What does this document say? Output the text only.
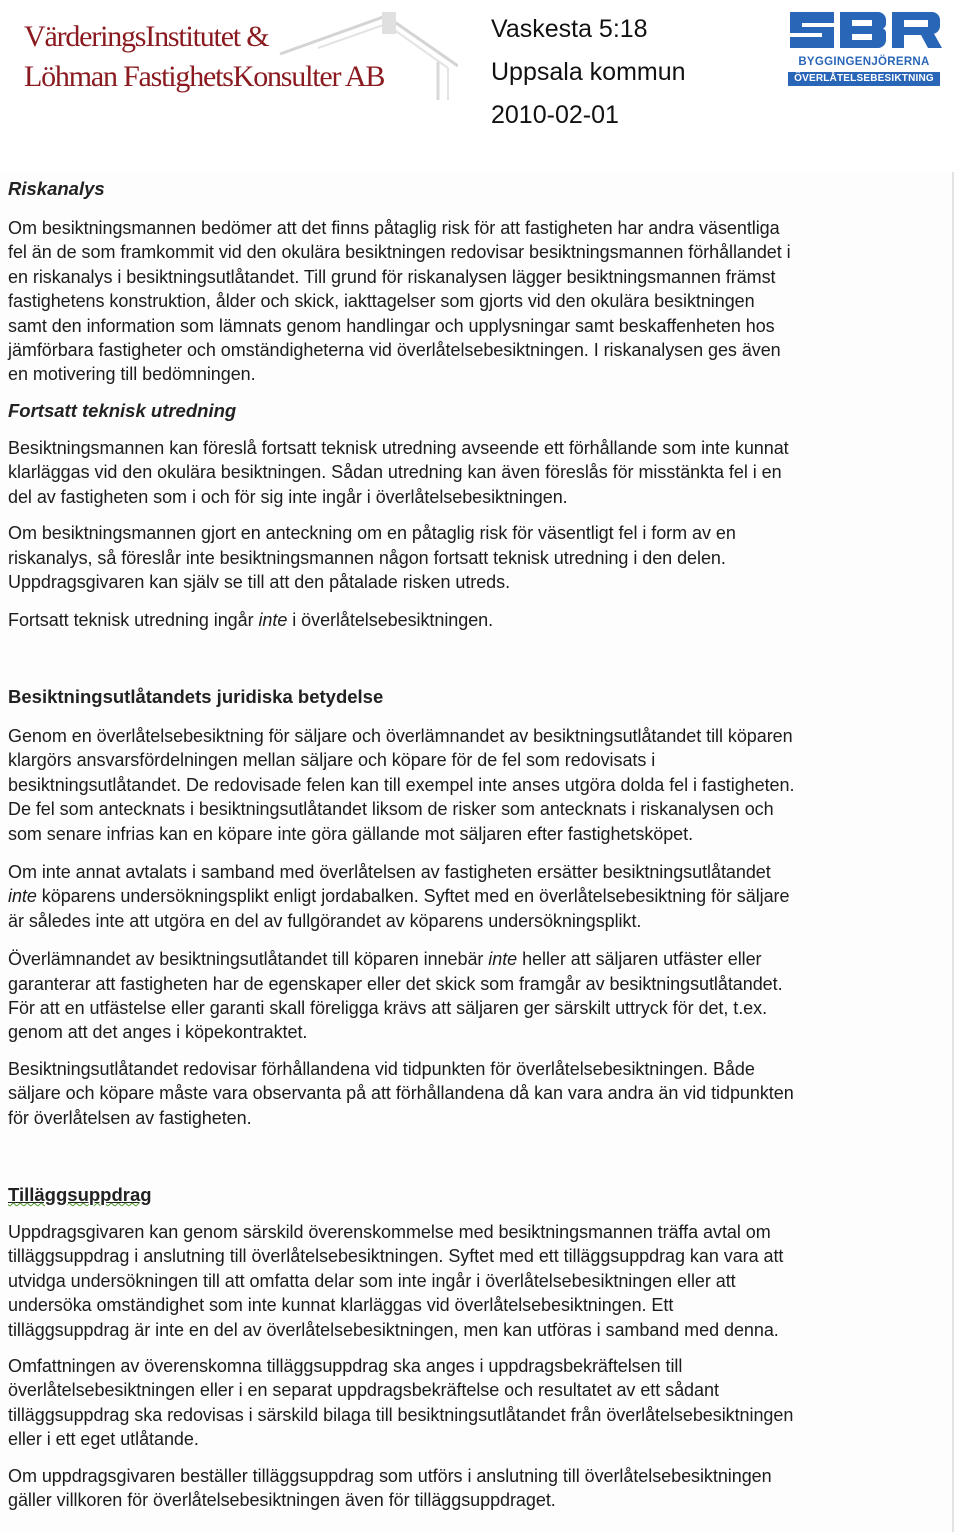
VärderingsInstitutet &
Löhman FastighetsKonsulter AB
Vaskesta 5:18
Uppsala kommun
2010-02-01
BYGGINGENJÖRERNA
ÖVERLÅTELSEBESIKTNING
Riskanalys
Om besiktningsmannen bedömer att det finns påtaglig risk för att fastigheten har andra väsentliga
fel än de som framkommit vid den okulära besiktningen redovisar besiktningsmannen förhållandet i
en riskanalys i besiktningsutlåtandet. Till grund för riskanalysen lägger besiktningsmannen främst
fastighetens konstruktion, ålder och skick, iakttagelser som gjorts vid den okulära besiktningen
samt den information som lämnats genom handlingar och upplysningar samt beskaffenheten hos
jämförbara fastigheter och omständigheterna vid överlåtelsebesiktningen. I riskanalysen ges även
en motivering till bedömningen.
Fortsatt teknisk utredning
Besiktningsmannen kan föreslå fortsatt teknisk utredning avseende ett förhållande som inte kunnat
klarläggas vid den okulära besiktningen. Sådan utredning kan även föreslås för misstänkta fel i en
del av fastigheten som i och för sig inte ingår i överlåtelsebesiktningen.
Om besiktningsmannen gjort en anteckning om en påtaglig risk för väsentligt fel i form av en
riskanalys, så föreslår inte besiktningsmannen någon fortsatt teknisk utredning i den delen.
Uppdragsgivaren kan själv se till att den påtalade risken utreds.
Fortsatt teknisk utredning ingår inte i överlåtelsebesiktningen.
Besiktningsutlåtandets juridiska betydelse
Genom en överlåtelsebesiktning för säljare och överlämnandet av besiktningsutlåtandet till köparen
klargörs ansvarsfördelningen mellan säljare och köpare för de fel som redovisats i
besiktningsutlåtandet. De redovisade felen kan till exempel inte anses utgöra dolda fel i fastigheten.
De fel som antecknats i besiktningsutlåtandet liksom de risker som antecknats i riskanalysen och
som senare infrias kan en köpare inte göra gällande mot säljaren efter fastighetsköpet.
Om inte annat avtalats i samband med överlåtelsen av fastigheten ersätter besiktningsutlåtandet
inte köparens undersökningsplikt enligt jordabalken. Syftet med en överlåtelsebesiktning för säljare
är således inte att utgöra en del av fullgörandet av köparens undersökningsplikt.
Överlämnandet av besiktningsutlåtandet till köparen innebär inte heller att säljaren utfäster eller
garanterar att fastigheten har de egenskaper eller det skick som framgår av besiktningsutlåtandet.
För att en utfästelse eller garanti skall föreligga krävs att säljaren ger särskilt uttryck för det, t.ex.
genom att det anges i köpekontraktet.
Besiktningsutlåtandet redovisar förhållandena vid tidpunkten för överlåtelsebesiktningen. Både
säljare och köpare måste vara observanta på att förhållandena då kan vara andra än vid tidpunkten
för överlåtelsen av fastigheten.
Tilläggsuppdrag
Uppdragsgivaren kan genom särskild överenskommelse med besiktningsmannen träffa avtal om
tilläggsuppdrag i anslutning till överlåtelsebesiktningen. Syftet med ett tilläggsuppdrag kan vara att
utvidga undersökningen till att omfatta delar som inte ingår i överlåtelsebesiktningen eller att
undersöka omständighet som inte kunnat klarläggas vid överlåtelsebesiktningen. Ett
tilläggsuppdrag är inte en del av överlåtelsebesiktningen, men kan utföras i samband med denna.
Omfattningen av överenskomna tilläggsuppdrag ska anges i uppdragsbekräftelsen till
överlåtelsebesiktningen eller i en separat uppdragsbekräftelse och resultatet av ett sådant
tilläggsuppdrag ska redovisas i särskild bilaga till besiktningsutlåtandet från överlåtelsebesiktningen
eller i ett eget utlåtande.
Om uppdragsgivaren beställer tilläggsuppdrag som utförs i anslutning till överlåtelsebesiktningen
gäller villkoren för överlåtelsebesiktningen även för tilläggsuppdraget.
